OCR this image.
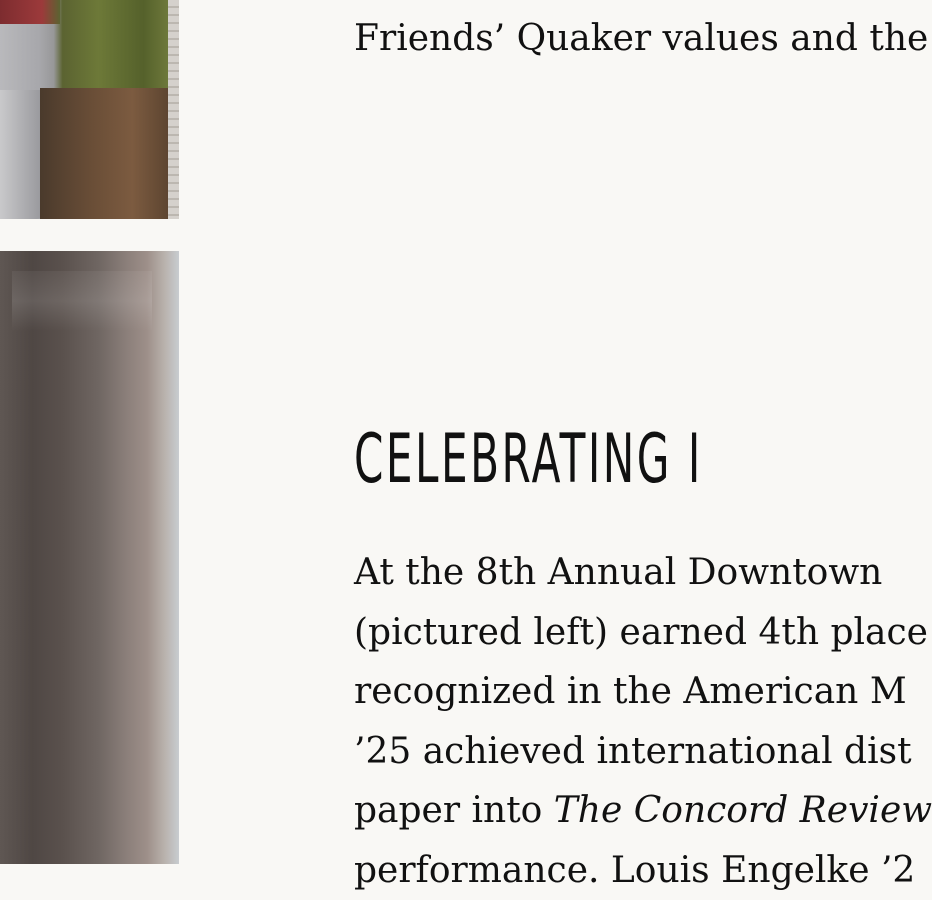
Friends’ Quaker values and the

CELEBRATING I

At the 8th Annual Downtown
(pictured left) earned 4th place
recognized in the American M
’25 achieved international dist
paper into The Concord Review
performance. Louis Engelke ’2
